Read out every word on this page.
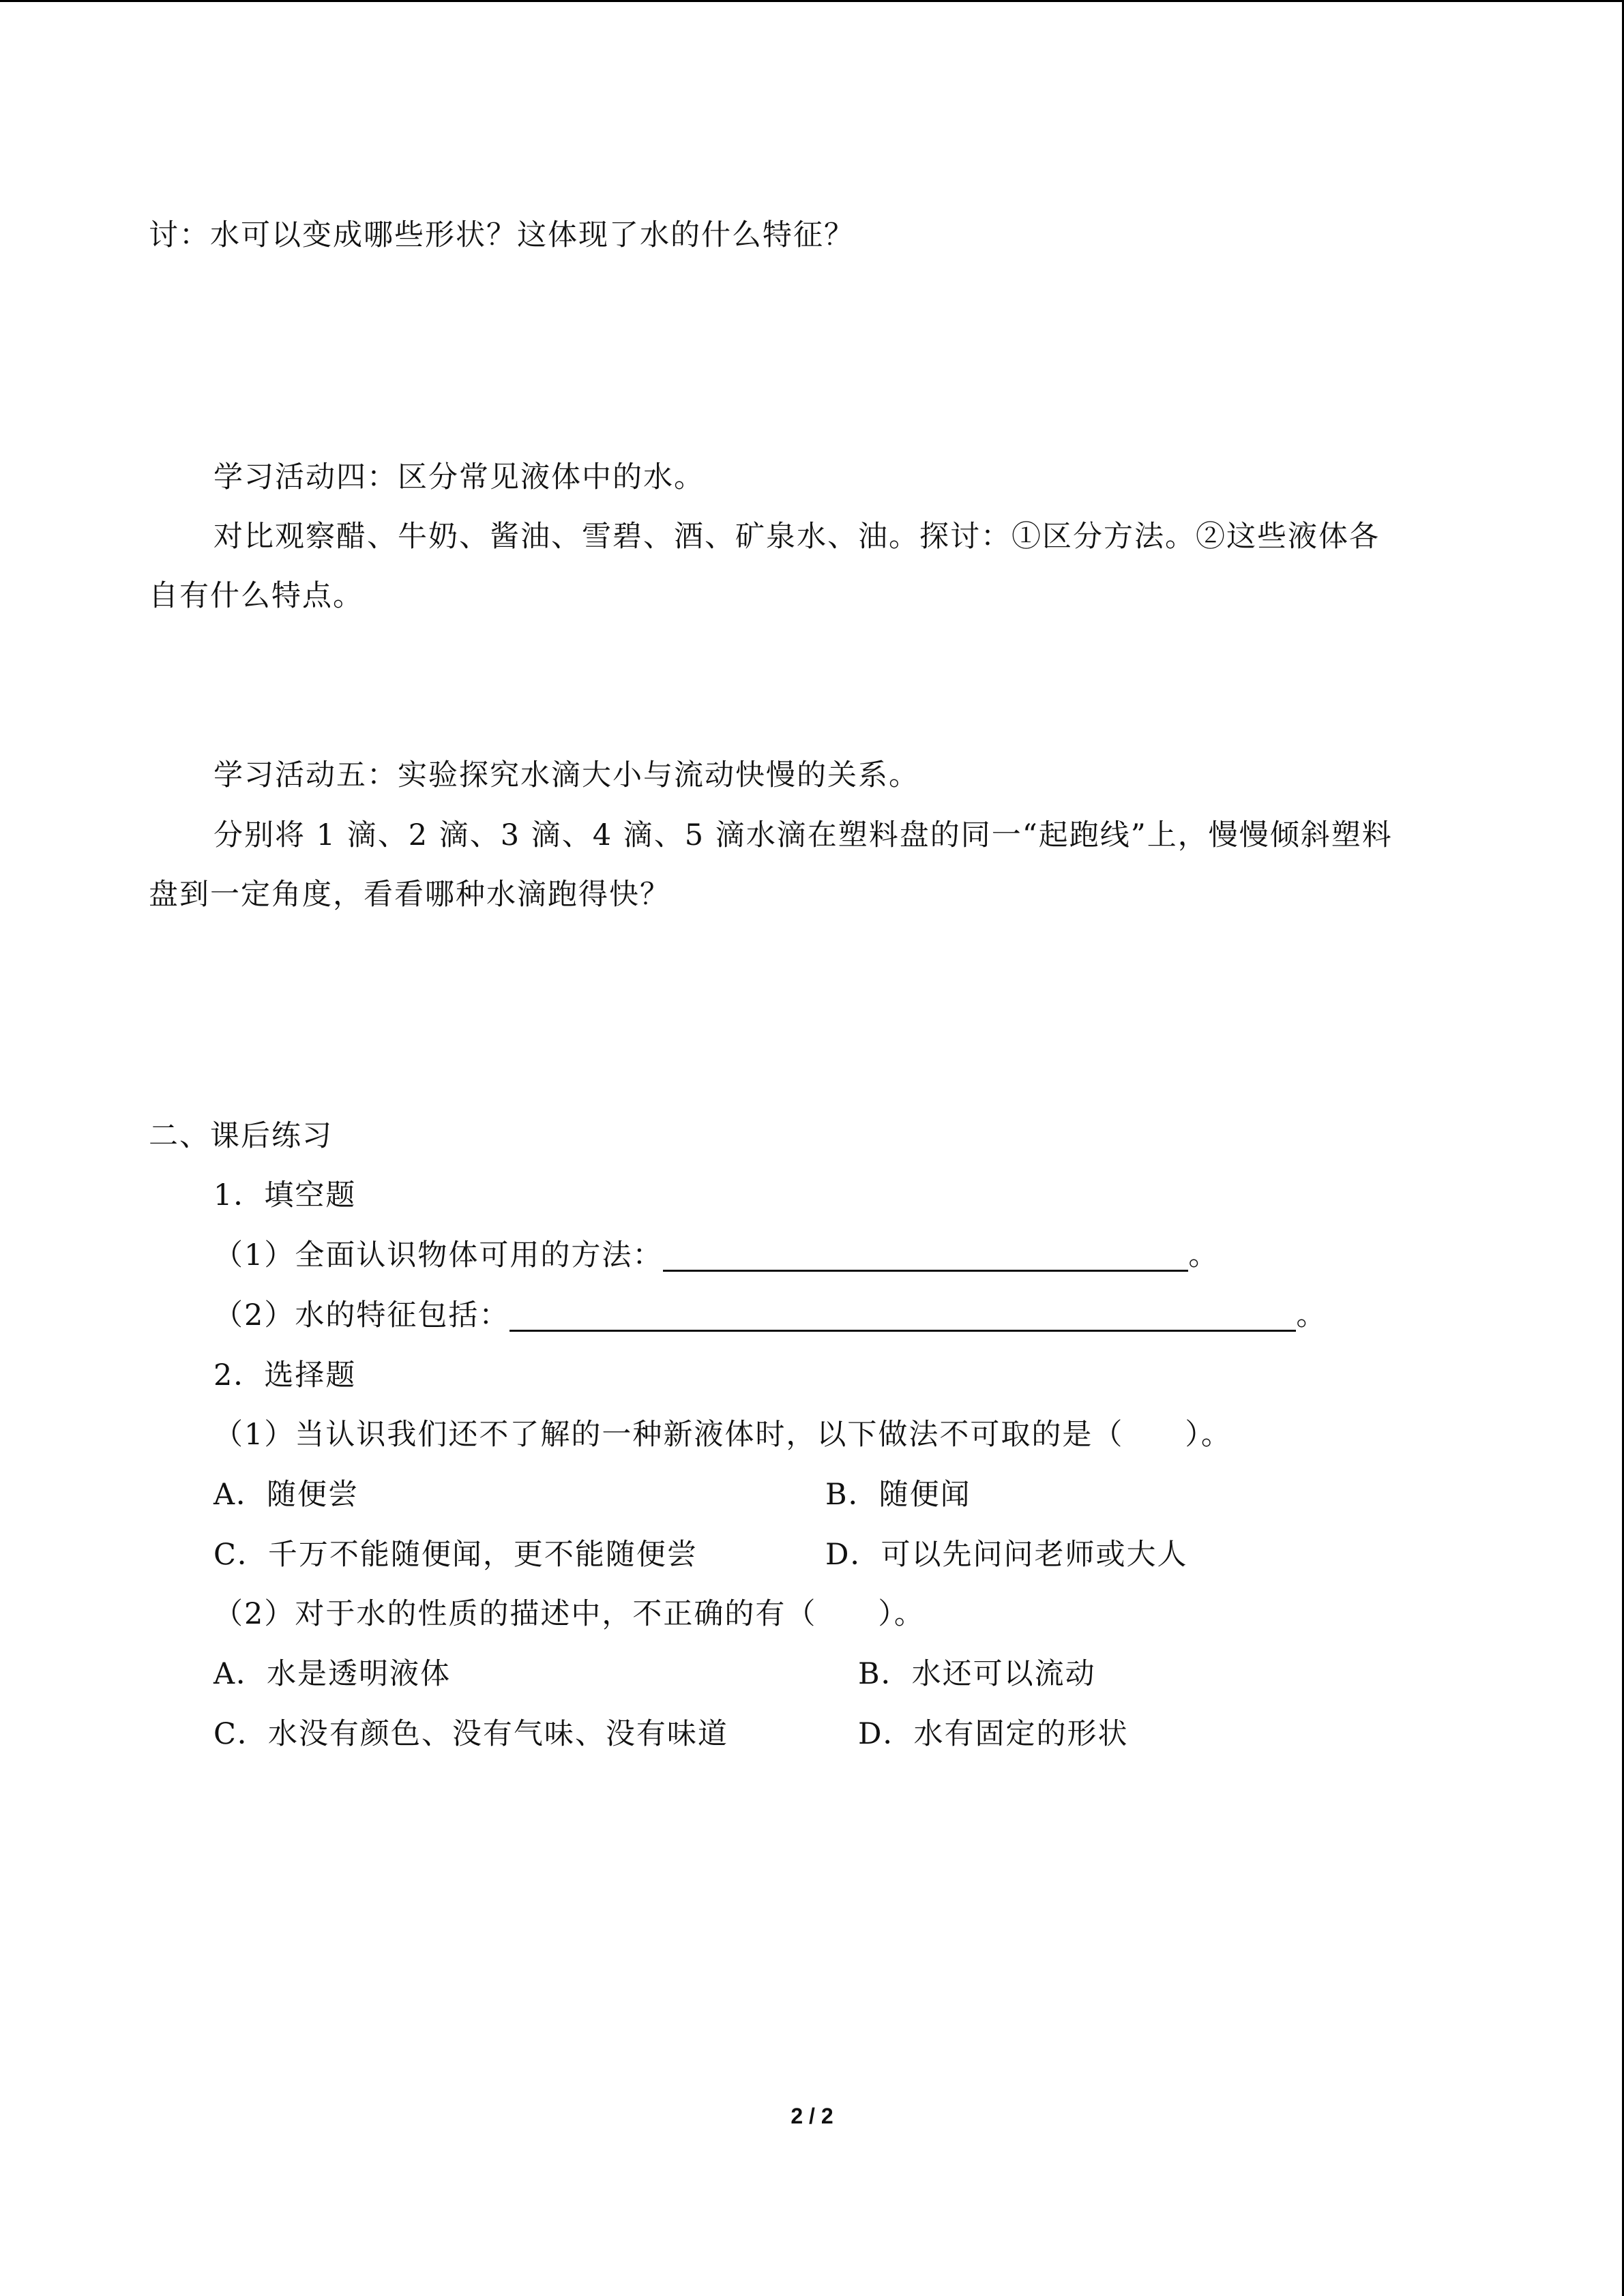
讨：水可以变成哪些形状？这体现了水的什么特征？
学习活动四：区分常见液体中的水。
对比观察醋、牛奶、酱油、雪碧、酒、矿泉水、油。探讨：①区分方法。②这些液体各
自有什么特点。
学习活动五：实验探究水滴大小与流动快慢的关系。
分别将 1 滴、2 滴、3 滴、4 滴、5 滴水滴在塑料盘的同一“起跑线”上，慢慢倾斜塑料
盘到一定角度，看看哪种水滴跑得快？
二、课后练习
1．填空题
（1）全面认识物体可用的方法：	。
（2）水的特征包括：	。
2．选择题
（1）当认识我们还不了解的一种新液体时，以下做法不可取的是（　　）。
A．随便尝	B．随便闻
C．千万不能随便闻，更不能随便尝	D．可以先问问老师或大人
（2）对于水的性质的描述中，不正确的有（　　）。
A．水是透明液体	B．水还可以流动
C．水没有颜色、没有气味、没有味道	D．水有固定的形状
2 / 2
